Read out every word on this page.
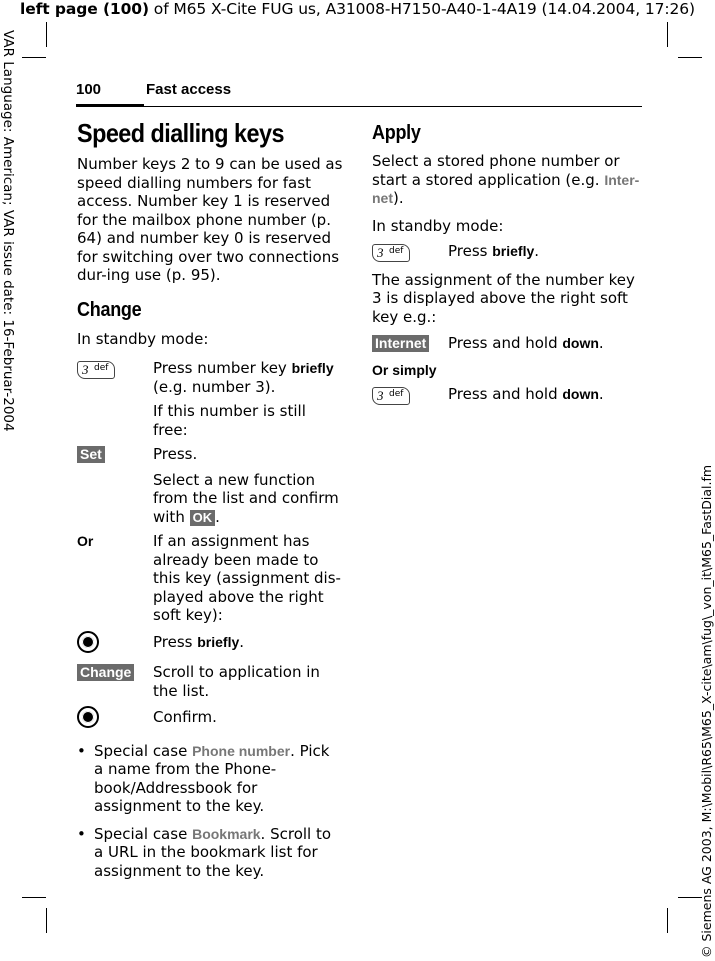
left page (100) of M65 X-Cite FUG us, A31008-H7150-A40-1-4A19 (14.04.2004, 17:26)
VAR Language: American; VAR issue date: 16-Februar-2004
© Siemens AG 2003, M:\Mobil\R65\M65_X-cite\am\fug\_von_it\M65_FastDial.fm
100	Fast access
Speed dialling keys

Number keys 2 to 9 can be used as speed dialling numbers for fast access. Number key 1 is reserved for the mailbox phone number (p. 64) and number key 0 is reserved for switching over two connections dur-ing use (p. 95).

Change

In standby mode:

3 def	Press number key briefly (e.g. number 3).
If this number is still free:
Set	Press.
Select a new function from the list and confirm with OK .
Or	If an assignment has already been made to this key (assignment dis-played above the right soft key):
Press briefly.
Change	Scroll to application in the list.
Confirm.
• Special case Phone number. Pick a name from the Phone-book/Addressbook for assignment to the key.
• Special case Bookmark. Scroll to a URL in the bookmark list for assignment to the key.
Apply

Select a stored phone number or start a stored application (e.g. Inter-net).

In standby mode:

3 def	Press briefly.

The assignment of the number key 3 is displayed above the right soft key e.g.:

Internet	Press and hold down.

Or simply

3 def	Press and hold down.
